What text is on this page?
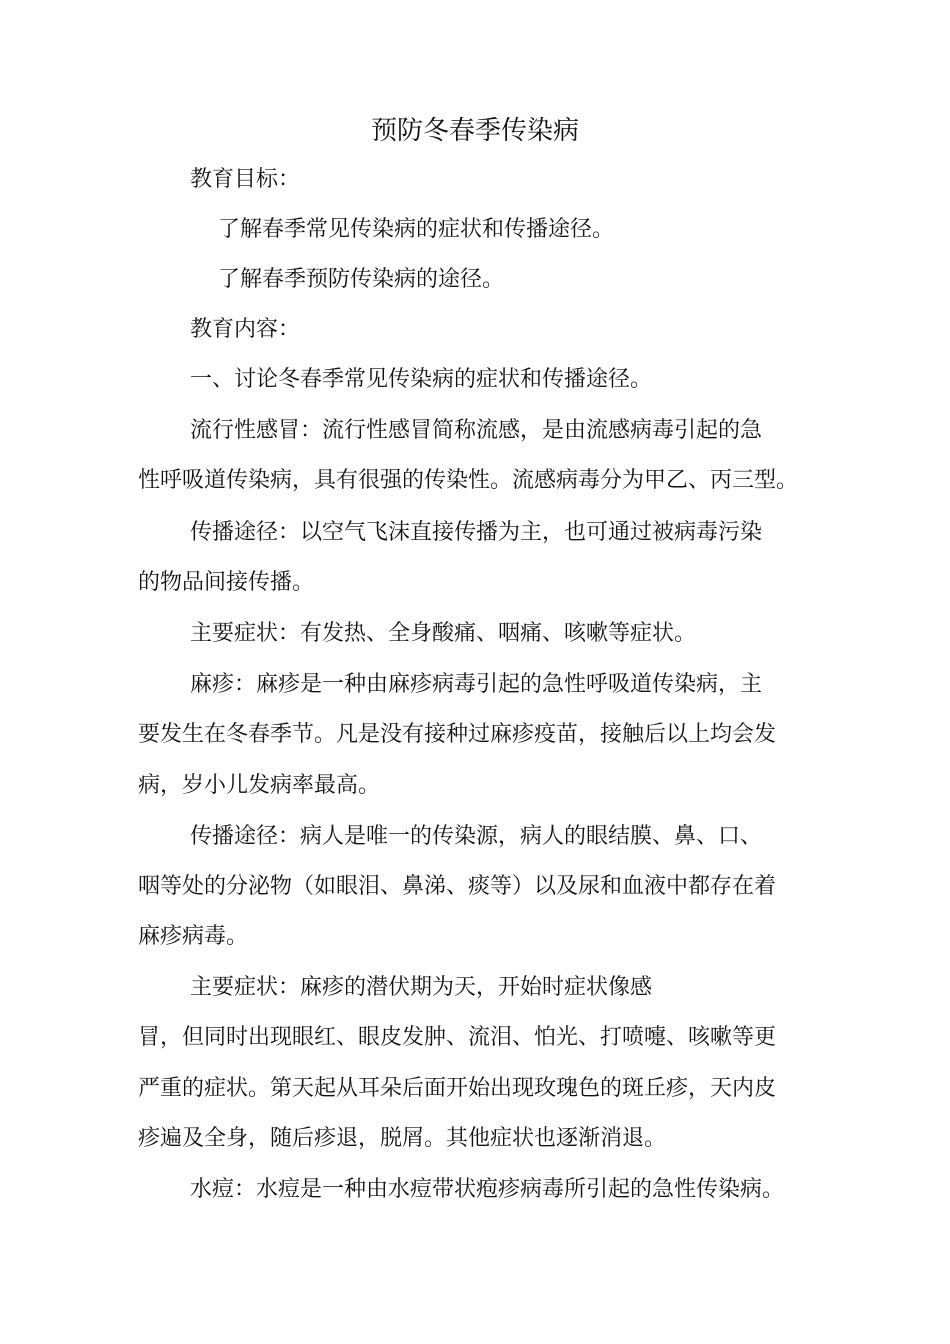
预防冬春季传染病
教育目标：
了解春季常见传染病的症状和传播途径。
了解春季预防传染病的途径。
教育内容：
一、讨论冬春季常见传染病的症状和传播途径。
流行性感冒：流行性感冒简称流感，是由流感病毒引起的急
性呼吸道传染病，具有很强的传染性。流感病毒分为甲乙、丙三型。
传播途径：以空气飞沫直接传播为主，也可通过被病毒污染
的物品间接传播。
主要症状：有发热、全身酸痛、咽痛、咳嗽等症状。
麻疹：麻疹是一种由麻疹病毒引起的急性呼吸道传染病，主
要发生在冬春季节。凡是没有接种过麻疹疫苗，接触后以上均会发
病，岁小儿发病率最高。
传播途径：病人是唯一的传染源，病人的眼结膜、鼻、口、
咽等处的分泌物（如眼泪、鼻涕、痰等）以及尿和血液中都存在着
麻疹病毒。
主要症状：麻疹的潜伏期为天，开始时症状像感
冒，但同时出现眼红、眼皮发肿、流泪、怕光、打喷嚏、咳嗽等更
严重的症状。第天起从耳朵后面开始出现玫瑰色的斑丘疹，天内皮
疹遍及全身，随后疹退，脱屑。其他症状也逐渐消退。
水痘：水痘是一种由水痘带状疱疹病毒所引起的急性传染病。
